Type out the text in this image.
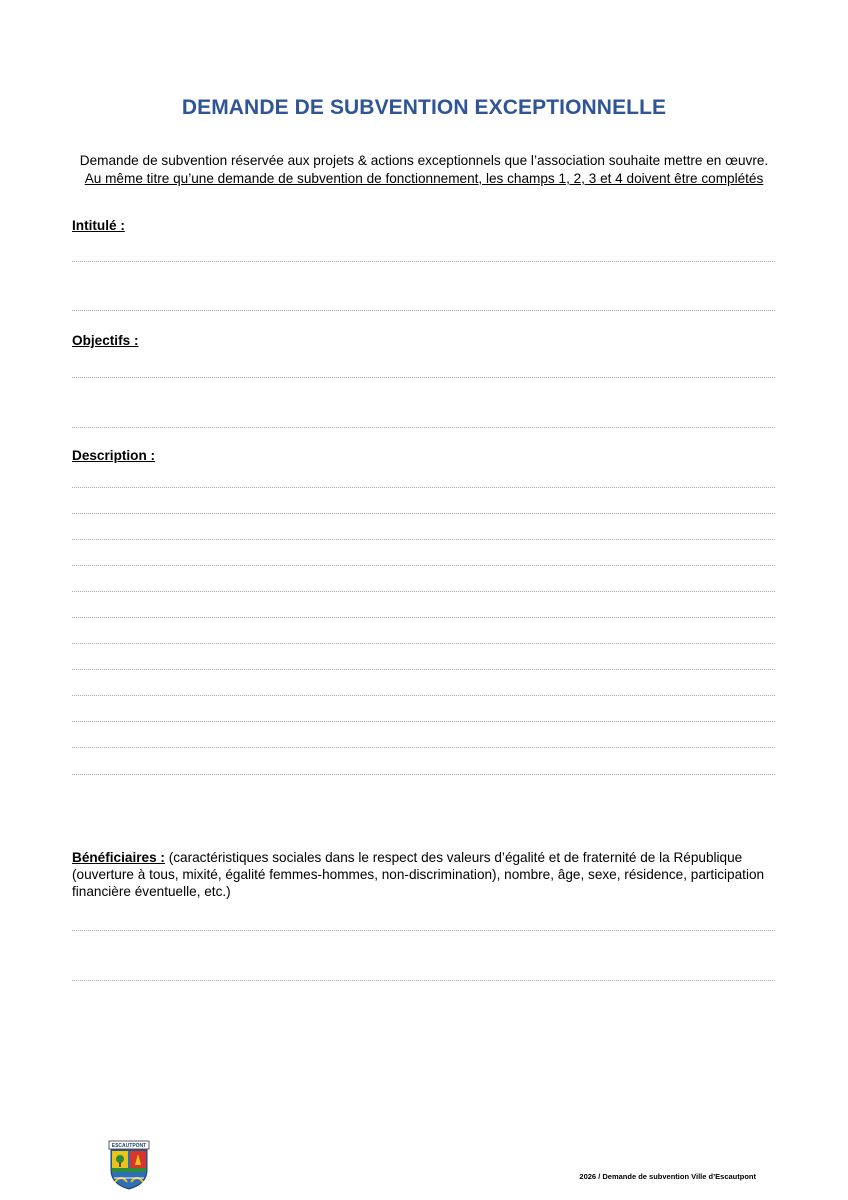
DEMANDE DE SUBVENTION EXCEPTIONNELLE
Demande de subvention réservée aux projets & actions exceptionnels que l’association souhaite mettre en œuvre.
Au même titre qu’une demande de subvention de fonctionnement, les champs 1, 2, 3 et 4 doivent être complétés
Intitulé :
Objectifs :
Description :
Bénéficiaires : (caractéristiques sociales dans le respect des valeurs d’égalité et de fraternité de la République (ouverture à tous, mixité, égalité femmes-hommes, non-discrimination), nombre, âge, sexe, résidence, participation financière éventuelle, etc.)
ESCAUTPONT
2026 / Demande de subvention Ville d’Escautpont
